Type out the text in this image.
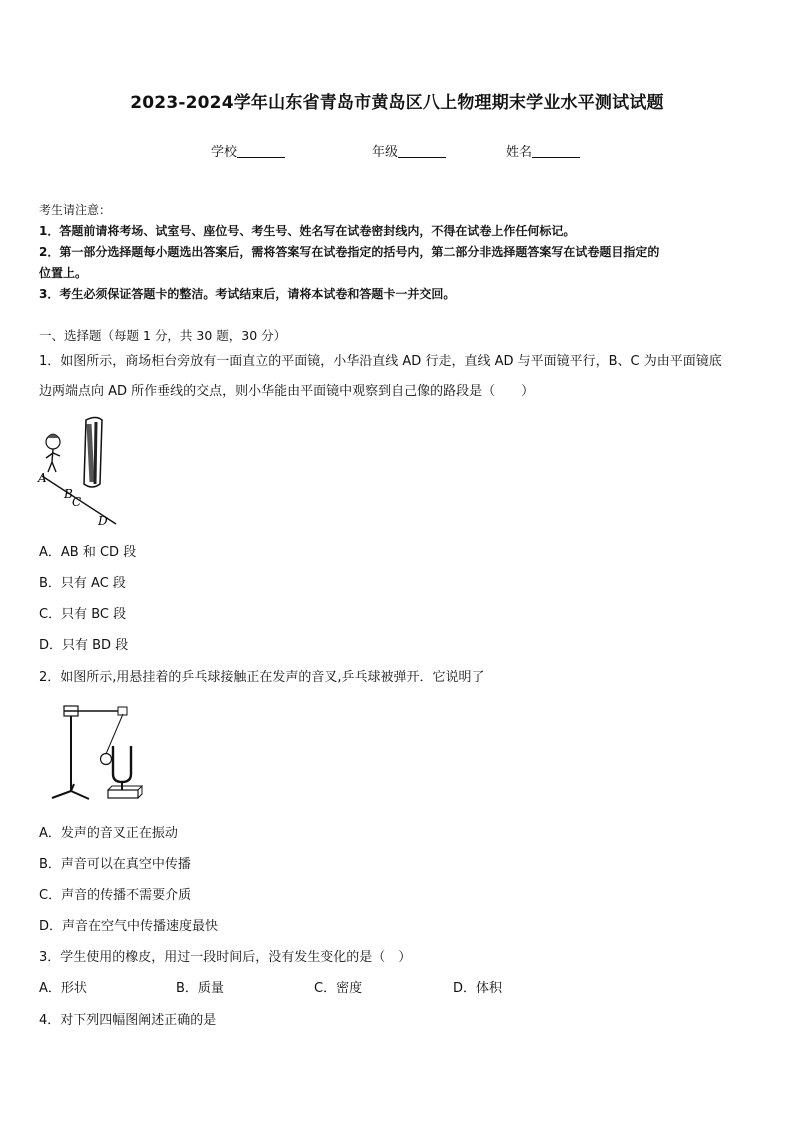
2023-2024学年山东省青岛市黄岛区八上物理期末学业水平测试试题
学校	年级	姓名
考生请注意：
1．答题前请将考场、试室号、座位号、考生号、姓名写在试卷密封线内，不得在试卷上作任何标记。
2．第一部分选择题每小题选出答案后，需将答案写在试卷指定的括号内，第二部分非选择题答案写在试卷题目指定的
位置上。
3．考生必须保证答题卡的整洁。考试结束后，请将本试卷和答题卡一并交回。
一、选择题（每题 1 分，共 30 题，30 分）
1．如图所示，商场柜台旁放有一面直立的平面镜，小华沿直线 AD 行走，直线 AD 与平面镜平行，B、C 为由平面镜底
边两端点向 AD 所作垂线的交点，则小华能由平面镜中观察到自己像的路段是（　　）
A
B
C
D
A．AB 和 CD 段
B．只有 AC 段
C．只有 BC 段
D．只有 BD 段
2．如图所示,用悬挂着的乒乓球接触正在发声的音叉,乒乓球被弹开．它说明了
A．发声的音叉正在振动
B．声音可以在真空中传播
C．声音的传播不需要介质
D．声音在空气中传播速度最快
3．学生使用的橡皮，用过一段时间后，没有发生变化的是（　）
A．形状	B．质量	C．密度	D．体积
4．对下列四幅图阐述正确的是
